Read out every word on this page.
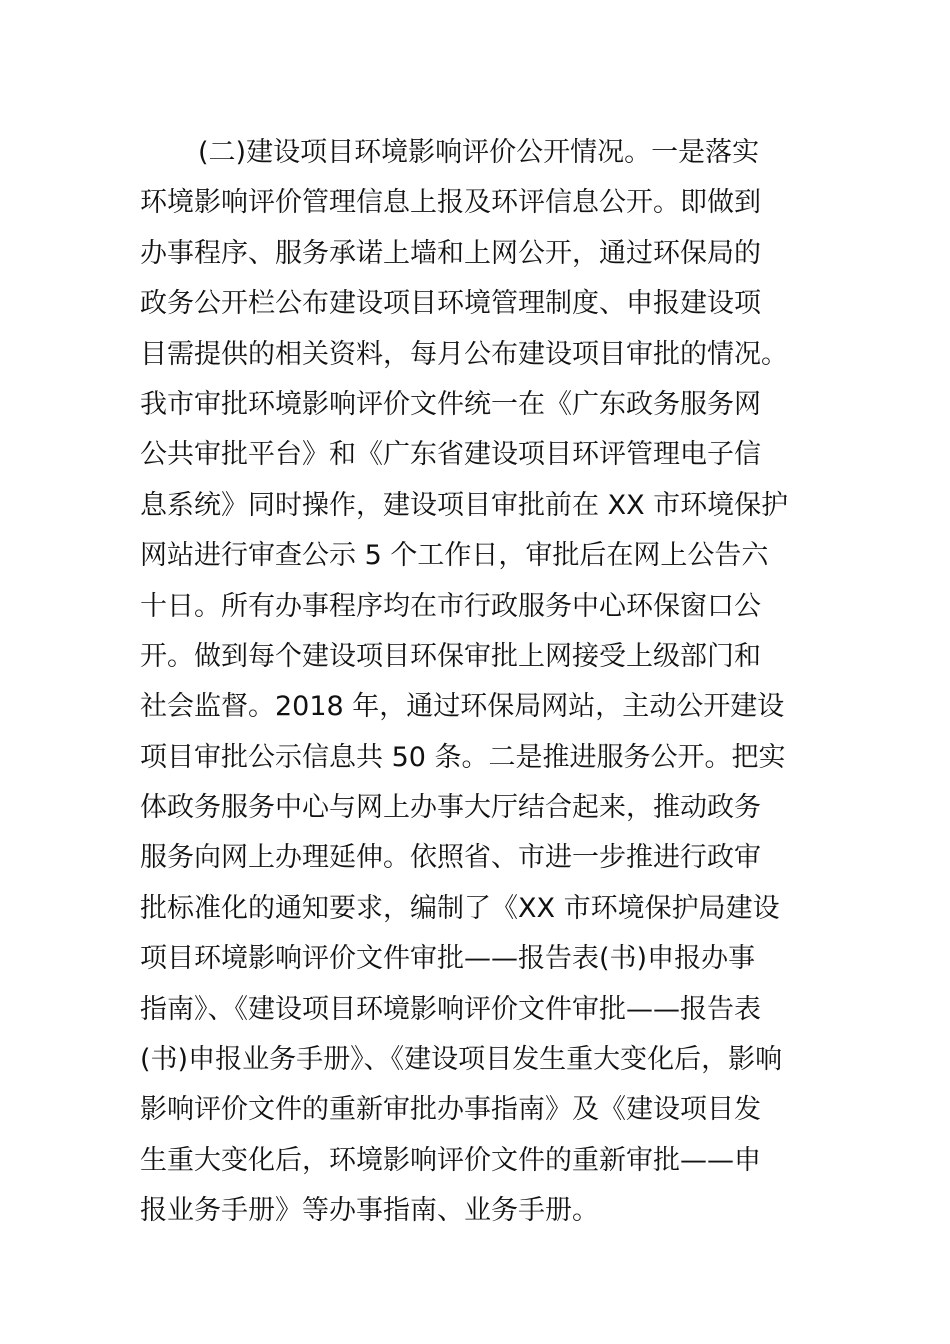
(二)建设项目环境影响评价公开情况。一是落实
环境影响评价管理信息上报及环评信息公开。即做到
办事程序、服务承诺上墙和上网公开，通过环保局的
政务公开栏公布建设项目环境管理制度、申报建设项
目需提供的相关资料，每月公布建设项目审批的情况。
我市审批环境影响评价文件统一在《广东政务服务网
公共审批平台》和《广东省建设项目环评管理电子信
息系统》同时操作，建设项目审批前在 XX 市环境保护
网站进行审查公示 5 个工作日，审批后在网上公告六
十日。所有办事程序均在市行政服务中心环保窗口公
开。做到每个建设项目环保审批上网接受上级部门和
社会监督。2018 年，通过环保局网站，主动公开建设
项目审批公示信息共 50 条。二是推进服务公开。把实
体政务服务中心与网上办事大厅结合起来，推动政务
服务向网上办理延伸。依照省、市进一步推进行政审
批标准化的通知要求，编制了《XX 市环境保护局建设
项目环境影响评价文件审批——报告表(书)申报办事
指南》、《建设项目环境影响评价文件审批——报告表
(书)申报业务手册》、《建设项目发生重大变化后，影响
影响评价文件的重新审批办事指南》及《建设项目发
生重大变化后，环境影响评价文件的重新审批——申
报业务手册》等办事指南、业务手册。
